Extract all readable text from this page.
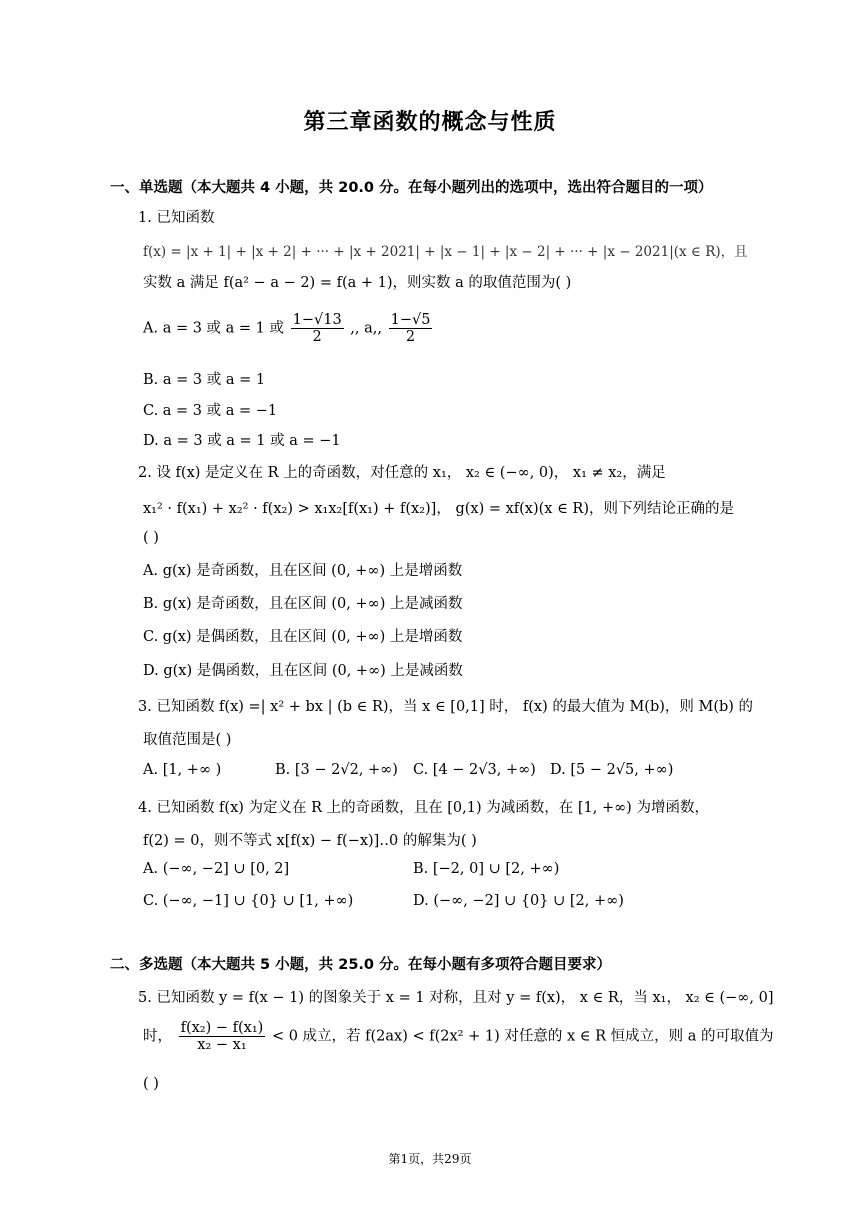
第三章函数的概念与性质
一、单选题（本大题共 4 小题，共 20.0 分。在每小题列出的选项中，选出符合题目的一项）
1. 已知函数
f(x) = |x + 1| + |x + 2| + ··· + |x + 2021| + |x − 1| + |x − 2| + ··· + |x − 2021|(x ∈ R)，且
实数 a 满足 f(a² − a − 2) = f(a + 1)，则实数 a 的取值范围为( )
A. a = 3 或 a = 1 或 $\frac{1-√13}{2}$ ,, a,, $\frac{1-√5}{2}$
B. a = 3 或 a = 1
C. a = 3 或 a = −1
D. a = 3 或 a = 1 或 a = −1
2. 设 f(x) 是定义在 R 上的奇函数，对任意的 x₁， x₂ ∈ (−∞, 0)， x₁ ≠ x₂，满足
x₁² · f(x₁) + x₂² · f(x₂) > x₁x₂[f(x₁) + f(x₂)]， g(x) = xf(x)(x ∈ R)，则下列结论正确的是
( )
A. g(x) 是奇函数，且在区间 (0, +∞) 上是增函数
B. g(x) 是奇函数，且在区间 (0, +∞) 上是减函数
C. g(x) 是偶函数，且在区间 (0, +∞) 上是增函数
D. g(x) 是偶函数，且在区间 (0, +∞) 上是减函数
3. 已知函数 f(x) =| x² + bx | (b ∈ R)，当 x ∈ [0,1] 时， f(x) 的最大值为 M(b)，则 M(b) 的
取值范围是( )
A. [1, +∞ )	B. [3 − 2√2, +∞) C. [4 − 2√3, +∞) D. [5 − 2√5, +∞)
4. 已知函数 f(x) 为定义在 R 上的奇函数，且在 [0,1) 为减函数，在 [1, +∞) 为增函数，
f(2) = 0，则不等式 x[f(x) − f(−x)]‥0 的解集为( )
A. (−∞, −2] ∪ [0, 2]	B. [−2, 0] ∪ [2, +∞)
C. (−∞, −1] ∪ {0} ∪ [1, +∞)	D. (−∞, −2] ∪ {0} ∪ [2, +∞)
二、多选题（本大题共 5 小题，共 25.0 分。在每小题有多项符合题目要求）
5. 已知函数 y = f(x − 1) 的图象关于 x = 1 对称，且对 y = f(x)， x ∈ R，当 x₁， x₂ ∈ (−∞, 0]
时， $\frac{\text{f(x₂) − f(x₁)}}{\text{x₂ − x₁}} < 0$ 成立，若 f(2ax) < f(2x² + 1) 对任意的 x ∈ R 恒成立，则 a 的可取值为
( )
第1页，共29页
